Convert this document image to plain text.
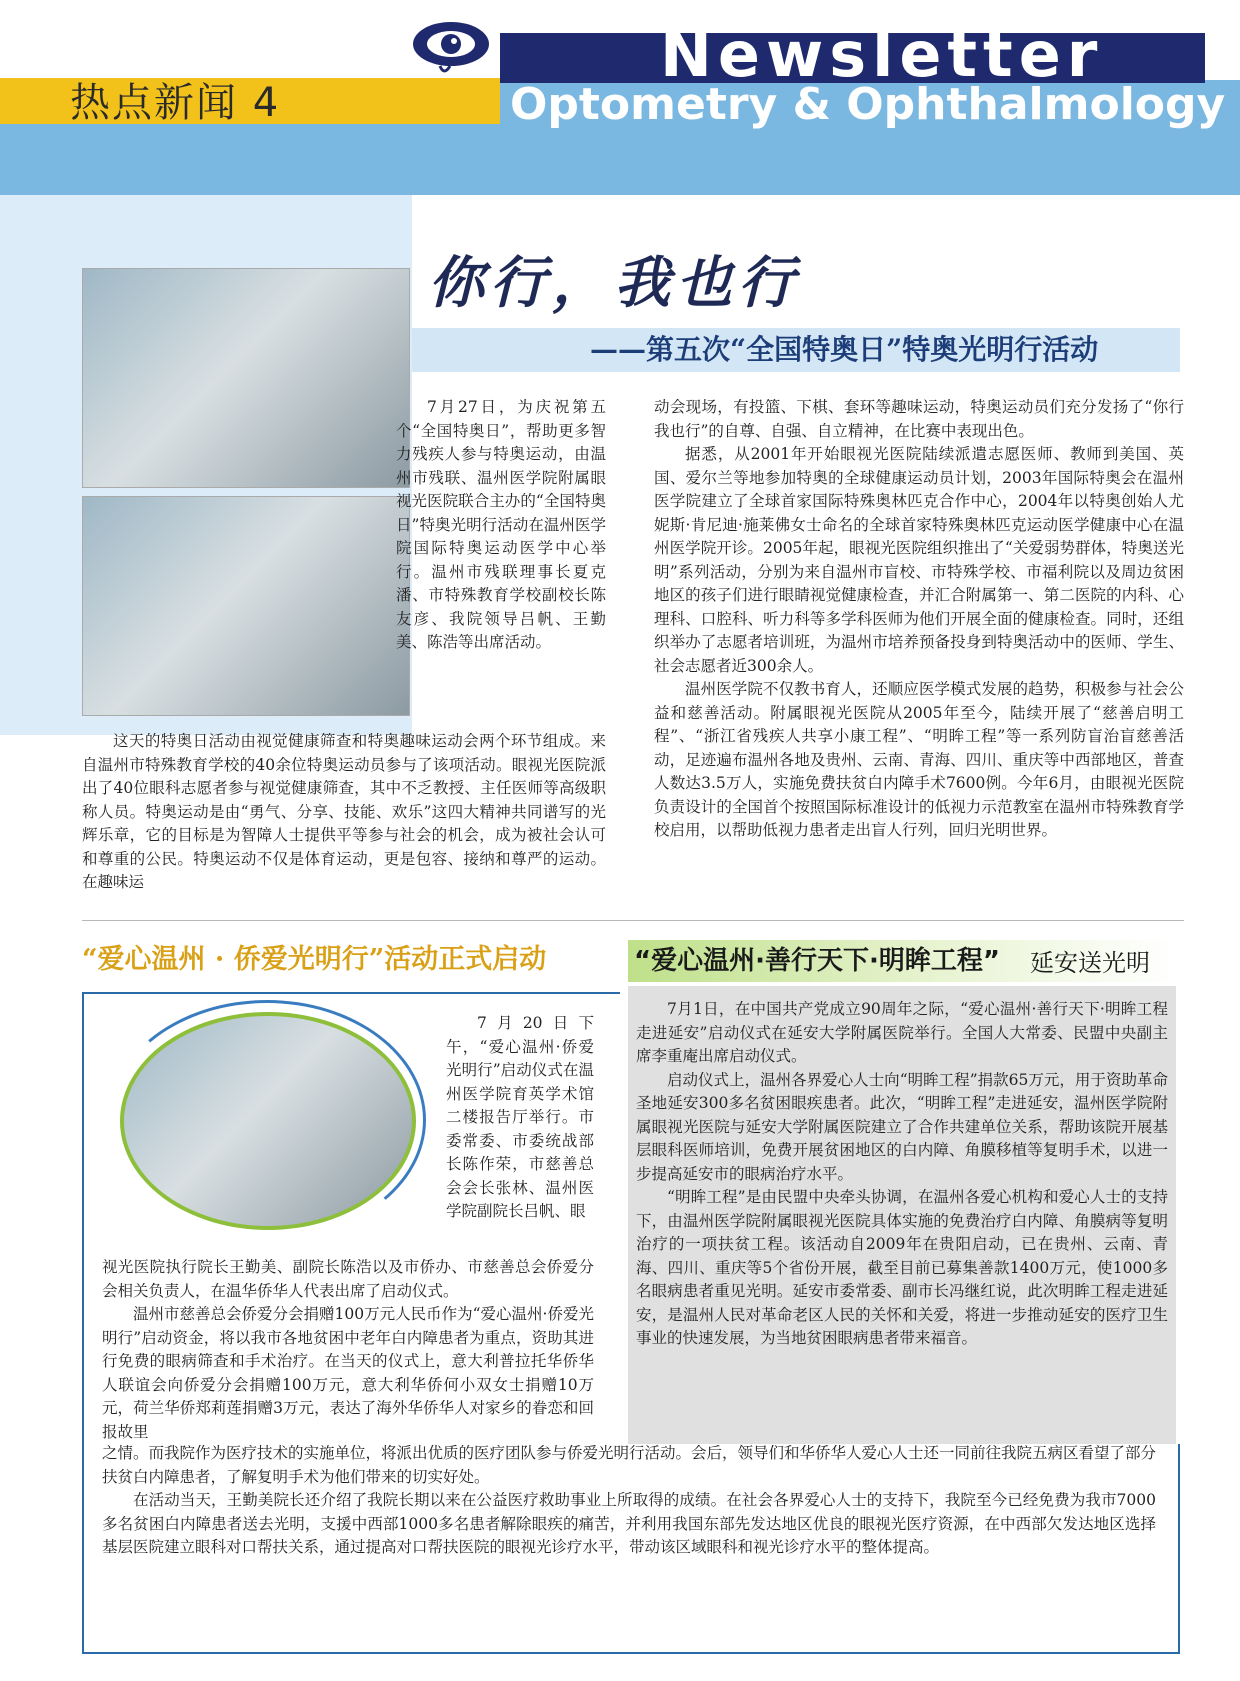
Newsletter
Optometry & Ophthalmology
热点新闻 4
你行，我也行
——第五次“全国特奥日”特奥光明行活动

7月27日，为庆祝第五个“全国特奥日”，帮助更多智力残疾人参与特奥运动，由温州市残联、温州医学院附属眼视光医院联合主办的“全国特奥日”特奥光明行活动在温州医学院国际特奥运动医学中心举行。温州市残联理事长夏克潘、市特殊教育学校副校长陈友彦、我院领导吕帆、王勤美、陈浩等出席活动。

这天的特奥日活动由视觉健康筛查和特奥趣味运动会两个环节组成。来自温州市特殊教育学校的40余位特奥运动员参与了该项活动。眼视光医院派出了40位眼科志愿者参与视觉健康筛查，其中不乏教授、主任医师等高级职称人员。特奥运动是由“勇气、分享、技能、欢乐”这四大精神共同谱写的光辉乐章，它的目标是为智障人士提供平等参与社会的机会，成为被社会认可和尊重的公民。特奥运动不仅是体育运动，更是包容、接纳和尊严的运动。在趣味运

动会现场，有投篮、下棋、套环等趣味运动，特奥运动员们充分发扬了“你行我也行”的自尊、自强、自立精神，在比赛中表现出色。

据悉，从2001年开始眼视光医院陆续派遣志愿医师、教师到美国、英国、爱尔兰等地参加特奥的全球健康运动员计划，2003年国际特奥会在温州医学院建立了全球首家国际特殊奥林匹克合作中心，2004年以特奥创始人尤妮斯·肯尼迪·施莱佛女士命名的全球首家特殊奥林匹克运动医学健康中心在温州医学院开诊。2005年起，眼视光医院组织推出了“关爱弱势群体，特奥送光明”系列活动，分别为来自温州市盲校、市特殊学校、市福利院以及周边贫困地区的孩子们进行眼睛视觉健康检查，并汇合附属第一、第二医院的内科、心理科、口腔科、听力科等多学科医师为他们开展全面的健康检查。同时，还组织举办了志愿者培训班，为温州市培养预备投身到特奥活动中的医师、学生、社会志愿者近300余人。

温州医学院不仅教书育人，还顺应医学模式发展的趋势，积极参与社会公益和慈善活动。附属眼视光医院从2005年至今，陆续开展了“慈善启明工程”、“浙江省残疾人共享小康工程”、“明眸工程”等一系列防盲治盲慈善活动，足迹遍布温州各地及贵州、云南、青海、四川、重庆等中西部地区，普查人数达3.5万人，实施免费扶贫白内障手术7600例。今年6月，由眼视光医院负责设计的全国首个按照国际标准设计的低视力示范教室在温州市特殊教育学校启用，以帮助低视力患者走出盲人行列，回归光明世界。

“爱心温州 · 侨爱光明行”活动正式启动

7月20日下午，“爱心温州·侨爱光明行”启动仪式在温州医学院育英学术馆二楼报告厅举行。市委常委、市委统战部长陈作荣，市慈善总会会长张林、温州医学院副院长吕帆、眼

视光医院执行院长王勤美、副院长陈浩以及市侨办、市慈善总会侨爱分会相关负责人，在温华侨华人代表出席了启动仪式。

温州市慈善总会侨爱分会捐赠100万元人民币作为“爱心温州·侨爱光明行”启动资金，将以我市各地贫困中老年白内障患者为重点，资助其进行免费的眼病筛查和手术治疗。在当天的仪式上，意大利普拉托华侨华人联谊会向侨爱分会捐赠100万元，意大利华侨何小双女士捐赠10万元，荷兰华侨郑莉莲捐赠3万元，表达了海外华侨华人对家乡的眷恋和回报故里

之情。而我院作为医疗技术的实施单位，将派出优质的医疗团队参与侨爱光明行活动。会后，领导们和华侨华人爱心人士还一同前往我院五病区看望了部分扶贫白内障患者，了解复明手术为他们带来的切实好处。

在活动当天，王勤美院长还介绍了我院长期以来在公益医疗救助事业上所取得的成绩。在社会各界爱心人士的支持下，我院至今已经免费为我市7000多名贫困白内障患者送去光明，支援中西部1000多名患者解除眼疾的痛苦，并利用我国东部先发达地区优良的眼视光医疗资源，在中西部欠发达地区选择基层医院建立眼科对口帮扶关系，通过提高对口帮扶医院的眼视光诊疗水平，带动该区域眼科和视光诊疗水平的整体提高。

“爱心温州·善行天下·明眸工程” 延安送光明

7月1日，在中国共产党成立90周年之际，“爱心温州·善行天下·明眸工程走进延安”启动仪式在延安大学附属医院举行。全国人大常委、民盟中央副主席李重庵出席启动仪式。

启动仪式上，温州各界爱心人士向“明眸工程”捐款65万元，用于资助革命圣地延安300多名贫困眼疾患者。此次，“明眸工程”走进延安，温州医学院附属眼视光医院与延安大学附属医院建立了合作共建单位关系，帮助该院开展基层眼科医师培训，免费开展贫困地区的白内障、角膜移植等复明手术，以进一步提高延安市的眼病治疗水平。

“明眸工程”是由民盟中央牵头协调，在温州各爱心机构和爱心人士的支持下，由温州医学院附属眼视光医院具体实施的免费治疗白内障、角膜病等复明治疗的一项扶贫工程。该活动自2009年在贵阳启动，已在贵州、云南、青海、四川、重庆等5个省份开展，截至目前已募集善款1400万元，使1000多名眼病患者重见光明。延安市委常委、副市长冯继红说，此次明眸工程走进延安，是温州人民对革命老区人民的关怀和关爱，将进一步推动延安的医疗卫生事业的快速发展，为当地贫困眼病患者带来福音。
